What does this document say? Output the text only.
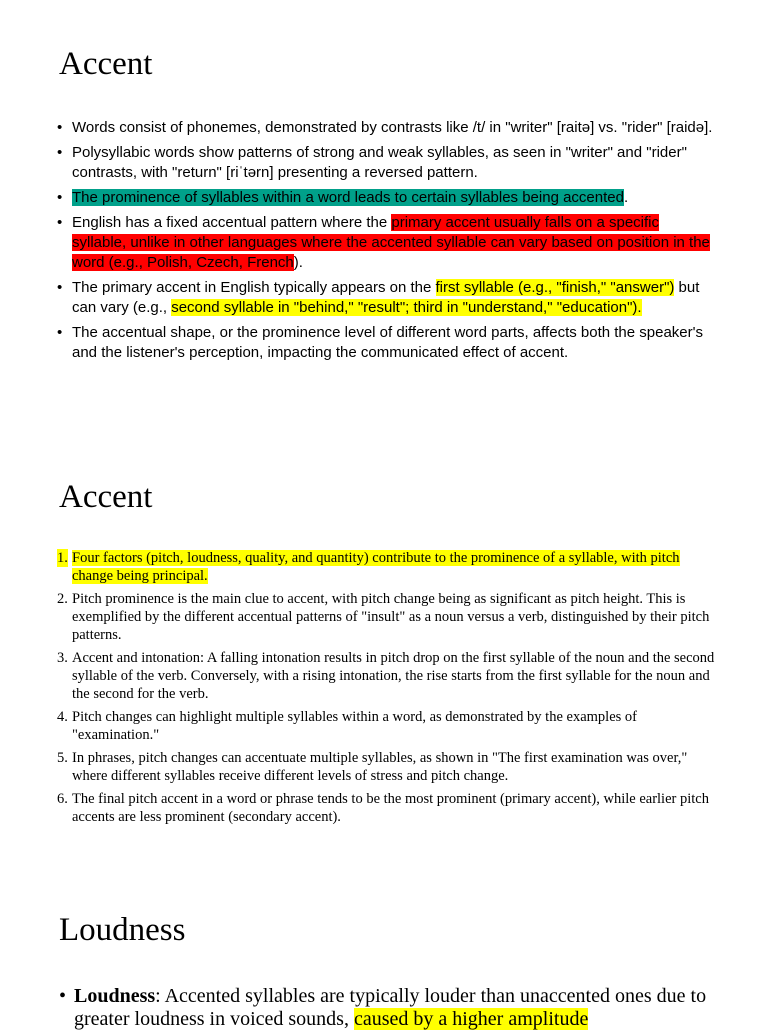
Accent
• Words consist of phonemes, demonstrated by contrasts like /t/ in "writer" [raitə] vs. "rider" [raidə].
• Polysyllabic words show patterns of strong and weak syllables, as seen in "writer" and "rider" contrasts, with "return" [riˈtərn] presenting a reversed pattern.
• The prominence of syllables within a word leads to certain syllables being accented.
• English has a fixed accentual pattern where the primary accent usually falls on a specific syllable, unlike in other languages where the accented syllable can vary based on position in the word (e.g., Polish, Czech, French).
• The primary accent in English typically appears on the first syllable (e.g., "finish," "answer") but can vary (e.g., second syllable in "behind," "result"; third in "understand," "education").
• The accentual shape, or the prominence level of different word parts, affects both the speaker's and the listener's perception, impacting the communicated effect of accent.
Accent
1. Four factors (pitch, loudness, quality, and quantity) contribute to the prominence of a syllable, with pitch change being principal.
2. Pitch prominence is the main clue to accent, with pitch change being as significant as pitch height. This is exemplified by the different accentual patterns of "insult" as a noun versus a verb, distinguished by their pitch patterns.
3. Accent and intonation: A falling intonation results in pitch drop on the first syllable of the noun and the second syllable of the verb. Conversely, with a rising intonation, the rise starts from the first syllable for the noun and the second for the verb.
4. Pitch changes can highlight multiple syllables within a word, as demonstrated by the examples of "examination."
5. In phrases, pitch changes can accentuate multiple syllables, as shown in "The first examination was over," where different syllables receive different levels of stress and pitch change.
6. The final pitch accent in a word or phrase tends to be the most prominent (primary accent), while earlier pitch accents are less prominent (secondary accent).
Loudness
• Loudness: Accented syllables are typically louder than unaccented ones due to greater loudness in voiced sounds, caused by a higher amplitude
